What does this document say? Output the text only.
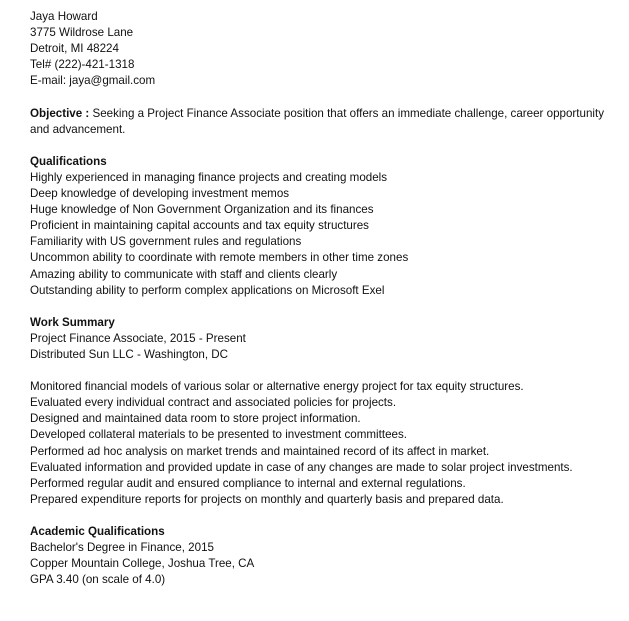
Jaya Howard
3775 Wildrose Lane
Detroit, MI 48224
Tel# (222)-421-1318
E-mail: jaya@gmail.com
Objective : Seeking a Project Finance Associate position that offers an immediate challenge, career opportunity and advancement.
Qualifications
Highly experienced in managing finance projects and creating models
Deep knowledge of developing investment memos
Huge knowledge of Non Government Organization and its finances
Proficient in maintaining capital accounts and tax equity structures
Familiarity with US government rules and regulations
Uncommon ability to coordinate with remote members in other time zones
Amazing ability to communicate with staff and clients clearly
Outstanding ability to perform complex applications on Microsoft Exel
Work Summary
Project Finance Associate, 2015 - Present
Distributed Sun LLC - Washington, DC
Monitored financial models of various solar or alternative energy project for tax equity structures.
Evaluated every individual contract and associated policies for projects.
Designed and maintained data room to store project information.
Developed collateral materials to be presented to investment committees.
Performed ad hoc analysis on market trends and maintained record of its affect in market.
Evaluated information and provided update in case of any changes are made to solar project investments.
Performed regular audit and ensured compliance to internal and external regulations.
Prepared expenditure reports for projects on monthly and quarterly basis and prepared data.
Academic Qualifications
Bachelor's Degree in Finance, 2015
Copper Mountain College, Joshua Tree, CA
GPA 3.40 (on scale of 4.0)
